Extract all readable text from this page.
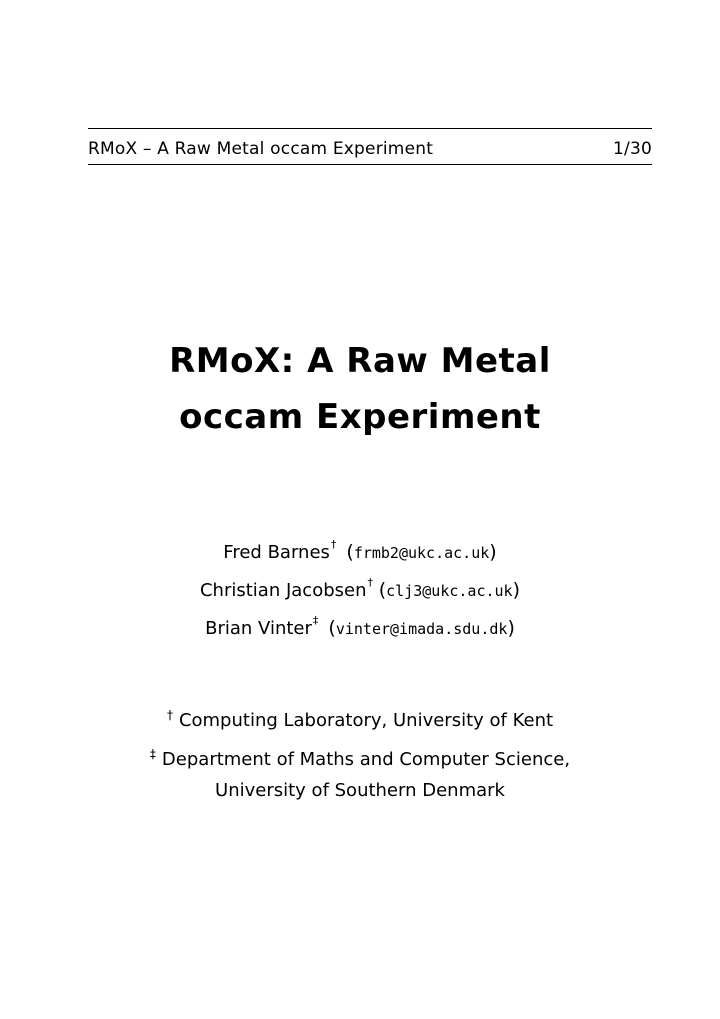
RMoX – A Raw Metal occam Experiment	1/30
RMoX: A Raw Metal
occam Experiment
Fred Barnes† (frmb2@ukc.ac.uk)
Christian Jacobsen† (clj3@ukc.ac.uk)
Brian Vinter‡ (vinter@imada.sdu.dk)
† Computing Laboratory, University of Kent
‡ Department of Maths and Computer Science,
University of Southern Denmark
